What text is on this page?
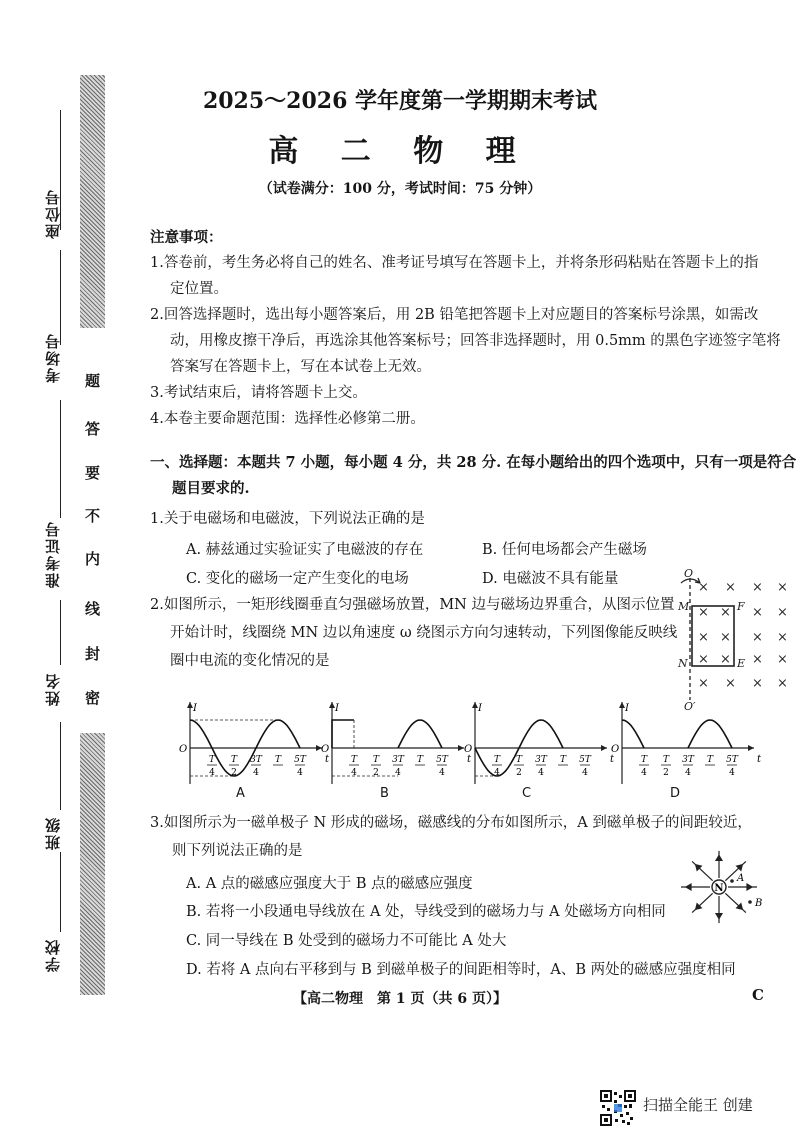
座位号
考场号
准考证号
姓名
班级
学校
题
答
要
不
内
线
封
密
2025～2026 学年度第一学期期末考试
高 二 物 理
（试卷满分：100 分，考试时间：75 分钟）
注意事项：
1.答卷前，考生务必将自己的姓名、准考证号填写在答题卡上，并将条形码粘贴在答题卡上的指
定位置。
2.回答选择题时，选出每小题答案后，用 2B 铅笔把答题卡上对应题目的答案标号涂黑，如需改
动，用橡皮擦干净后，再选涂其他答案标号；回答非选择题时，用 0.5mm 的黑色字迹签字笔将
答案写在答题卡上，写在本试卷上无效。
3.考试结束后，请将答题卡上交。
4.本卷主要命题范围：选择性必修第二册。
一、选择题：本题共 7 小题，每小题 4 分，共 28 分. 在每小题给出的四个选项中，只有一项是符合
题目要求的.
1.关于电磁场和电磁波，下列说法正确的是
A. 赫兹通过实验证实了电磁波的存在	B. 任何电场都会产生磁场
C. 变化的磁场一定产生变化的电场	D. 电磁波不具有能量
2.如图所示，一矩形线圈垂直匀强磁场放置，MN 边与磁场边界重合，从图示位置
开始计时，线圈绕 MN 边以角速度 ω 绕图示方向匀速转动，下列图像能反映线
圈中电流的变化情况的是
× × × ×
× × × ×
× × × ×
× × × ×
× × × ×
O
M	F
N	E
O′
I
O
t
T
4
T
2
3T
4
T 5T
4
I
O
t
T
4
T
2
3T
4
T 5T
4
I
O
t
T
4
T
2
3T
4
T 5T
4
I
O
t
T
4
T
2
3T
4
T 5T
4
A	B	C	D
3.如图所示为一磁单极子 N 形成的磁场，磁感线的分布如图所示，A 到磁单极子的间距较近，
则下列说法正确的是
A. A 点的磁感应强度大于 B 点的磁感应强度
B. 若将一小段通电导线放在 A 处，导线受到的磁场力与 A 处磁场方向相同
C. 同一导线在 B 处受到的磁场力不可能比 A 处大
D. 若将 A 点向右平移到与 B 到磁单极子的间距相等时，A、B 两处的磁感应强度相同
N
A
B
【高二物理　第 1 页（共 6 页）】	C
扫描全能王 创建
